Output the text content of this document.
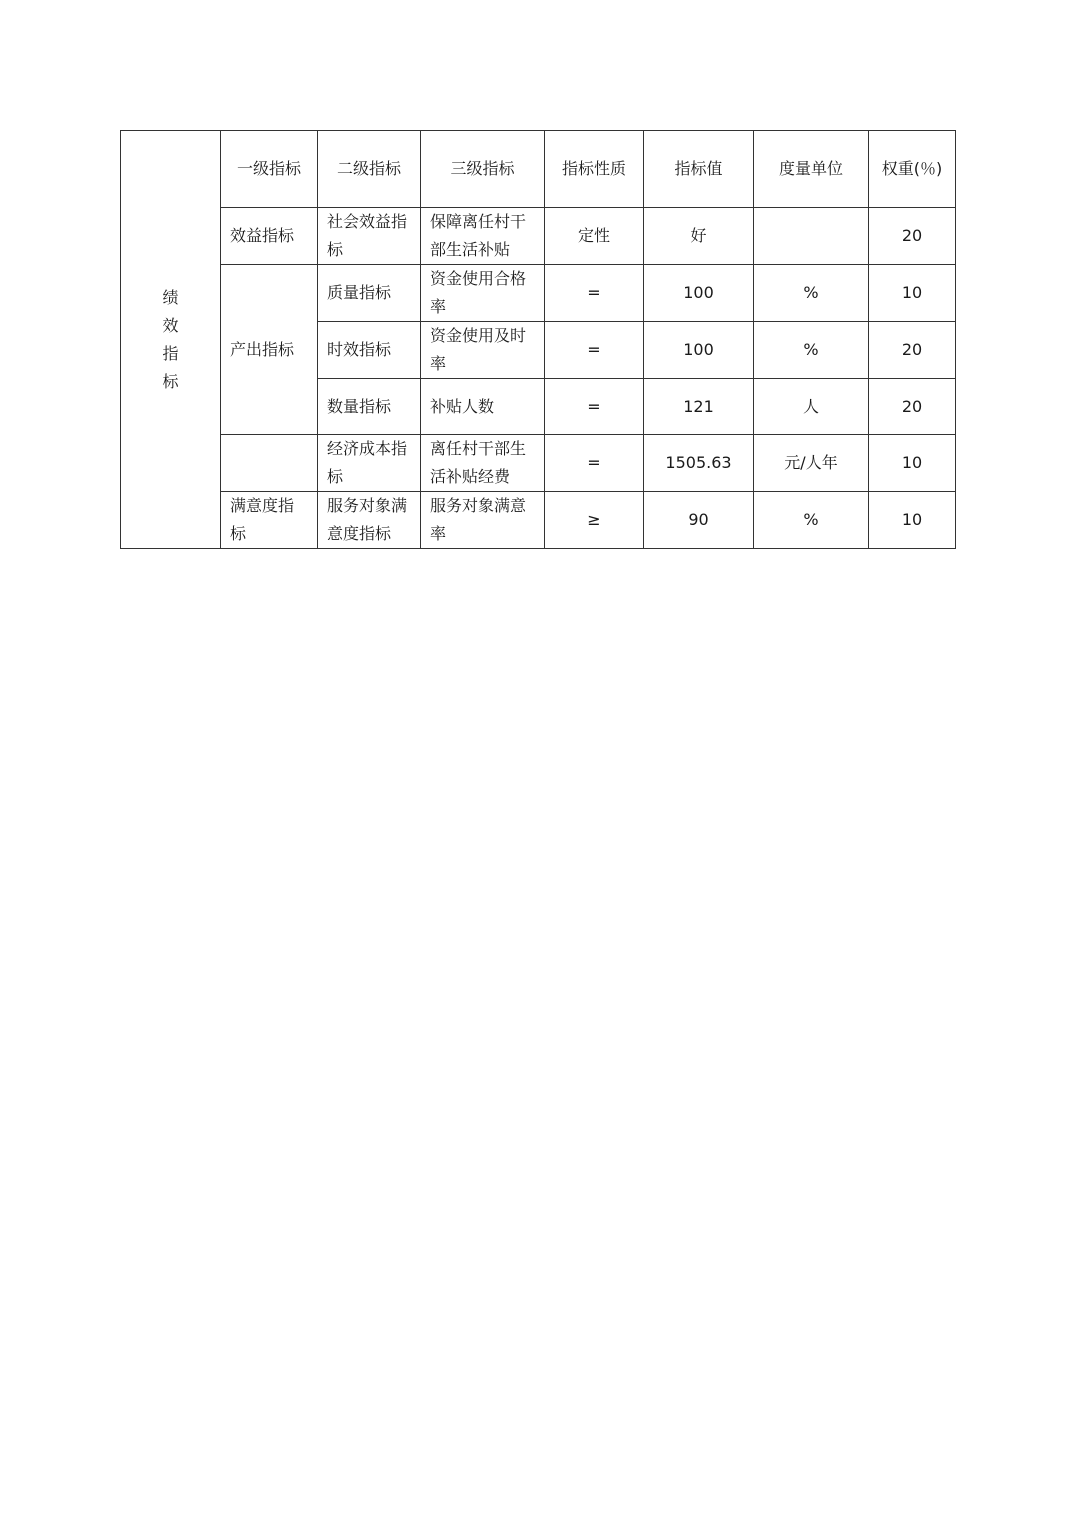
绩效指标	一级指标	二级指标	三级指标	指标性质	指标值	度量单位	权重(％)
	效益指标	社会效益指标	保障离任村干部生活补贴	定性	好		20
	产出指标	质量指标	资金使用合格率	=	100	%	10
		时效指标	资金使用及时率	=	100	%	20
		数量指标	补贴人数	=	121	人	20
		经济成本指标	离任村干部生活补贴经费	=	1505.63	元/人年	10
	满意度指标	服务对象满意度指标	服务对象满意率	≥	90	%	10
